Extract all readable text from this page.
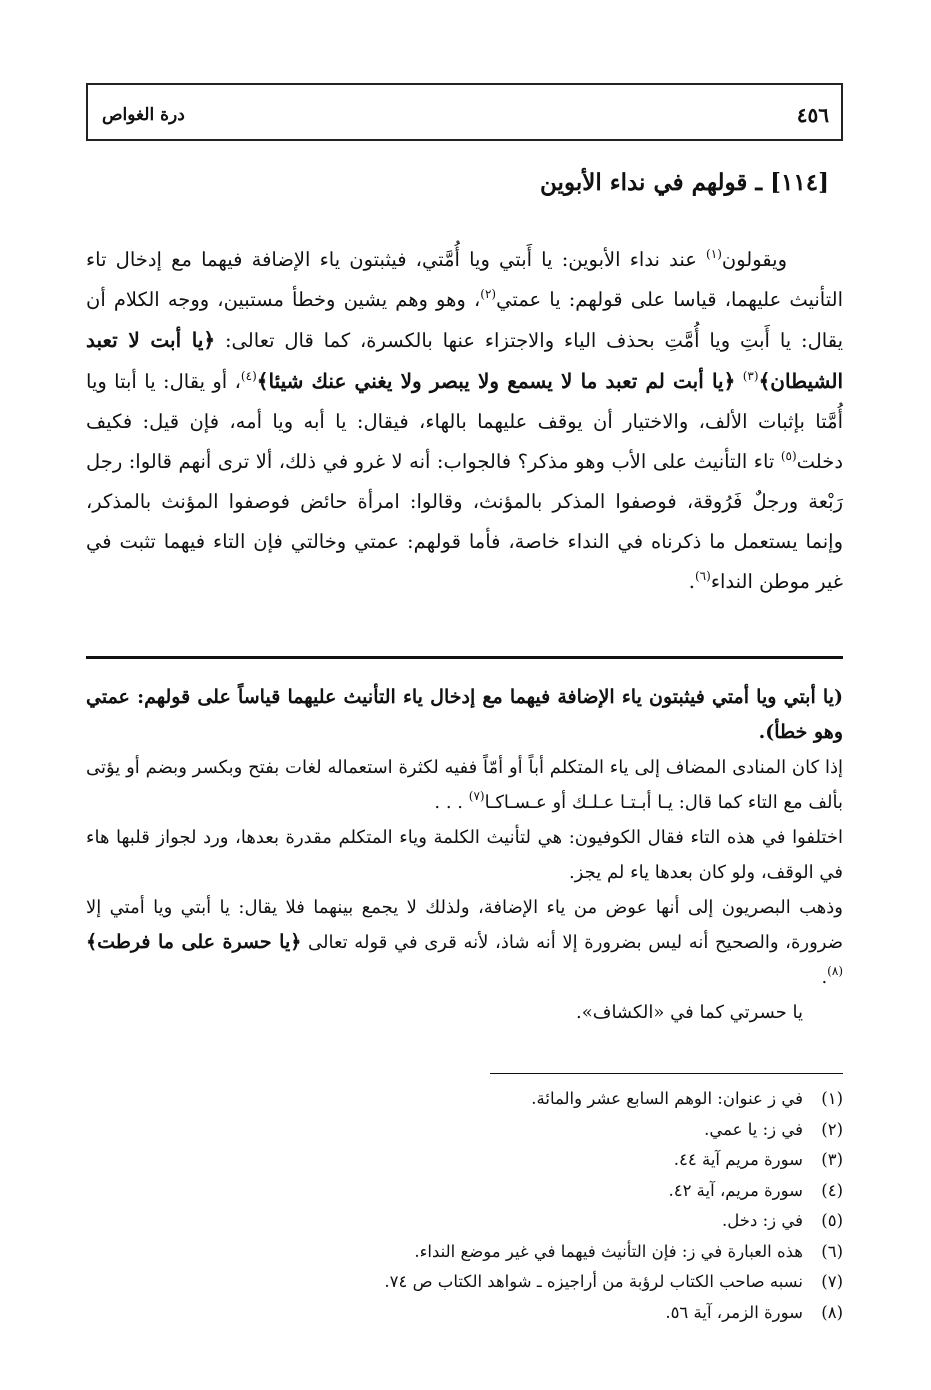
درة الغواص	٤٥٦
[١١٤] ـ قولهم في نداء الأبوين

ويقولون$^{(١)}$ عند نداء الأبوين: يا أَبتي ويا أُمَّتي، فيثبتون ياء الإضافة فيهما مع إدخال تاء التأنيث عليهما، قياسا على قولهم: يا عمتي$^{(٢)}$، وهو وهم يشين وخطأ مستبين، ووجه الكلام أن يقال: يا أَبتِ ويا أُمَّتِ بحذف الياء والاجتزاء عنها بالكسرة، كما قال تعالى: ﴿يا أبت لا تعبد الشيطان﴾$^{(٣)}$ ﴿يا أبت لم تعبد ما لا يسمع ولا يبصر ولا يغني عنك شيئا﴾$^{(٤)}$، أو يقال: يا أبتا ويا أُمَّتا بإثبات الألف، والاختيار أن يوقف عليهما بالهاء، فيقال: يا أبه ويا أمه، فإن قيل: فكيف دخلت$^{(٥)}$ تاء التأنيث على الأب وهو مذكر؟ فالجواب: أنه لا غرو في ذلك، ألا ترى أنهم قالوا: رجل رَبْعة ورجلٌ فَرُوقة، فوصفوا المذكر بالمؤنث، وقالوا: امرأة حائض فوصفوا المؤنث بالمذكر، وإنما يستعمل ما ذكرناه في النداء خاصة، فأما قولهم: عمتي وخالتي فإن التاء فيهما تثبت في غير موطن النداء$^{(٦)}$.

(يا أبتي ويا أمتي فيثبتون ياء الإضافة فيهما مع إدخال ياء التأنيث عليهما قياساً على قولهم: عمتي وهو خطأ).

إذا كان المنادى المضاف إلى ياء المتكلم أباً أو أمّاً ففيه لكثرة استعماله لغات بفتح وبكسر وبضم أو يؤتى بألف مع التاء كما قال: يـا أبـتـا عـلـك أو عـسـاكـا$^{(٧)}$ . . .

اختلفوا في هذه التاء فقال الكوفيون: هي لتأنيث الكلمة وياء المتكلم مقدرة بعدها، ورد لجواز قلبها هاء في الوقف، ولو كان بعدها ياء لم يجز.

وذهب البصريون إلى أنها عوض من ياء الإضافة، ولذلك لا يجمع بينهما فلا يقال: يا أبتي ويا أمتي إلا ضرورة، والصحيح أنه ليس بضرورة إلا أنه شاذ، لأنه قرى في قوله تعالى ﴿يا حسرة على ما فرطت﴾$^{(٨)}$.

يا حسرتي كما في «الكشاف».

(١)
في ز عنوان: الوهم السابع عشر والمائة.
(٢)
في ز: يا عمي.
(٣)
سورة مريم آية ٤٤.
(٤)
سورة مريم، آية ٤٢.
(٥)
في ز: دخل.
(٦)
هذه العبارة في ز: فإن التأنيث فيهما في غير موضع النداء.
(٧)
نسبه صاحب الكتاب لرؤبة من أراجيزه ـ شواهد الكتاب ص ٧٤.
(٨)
سورة الزمر، آية ٥٦.
